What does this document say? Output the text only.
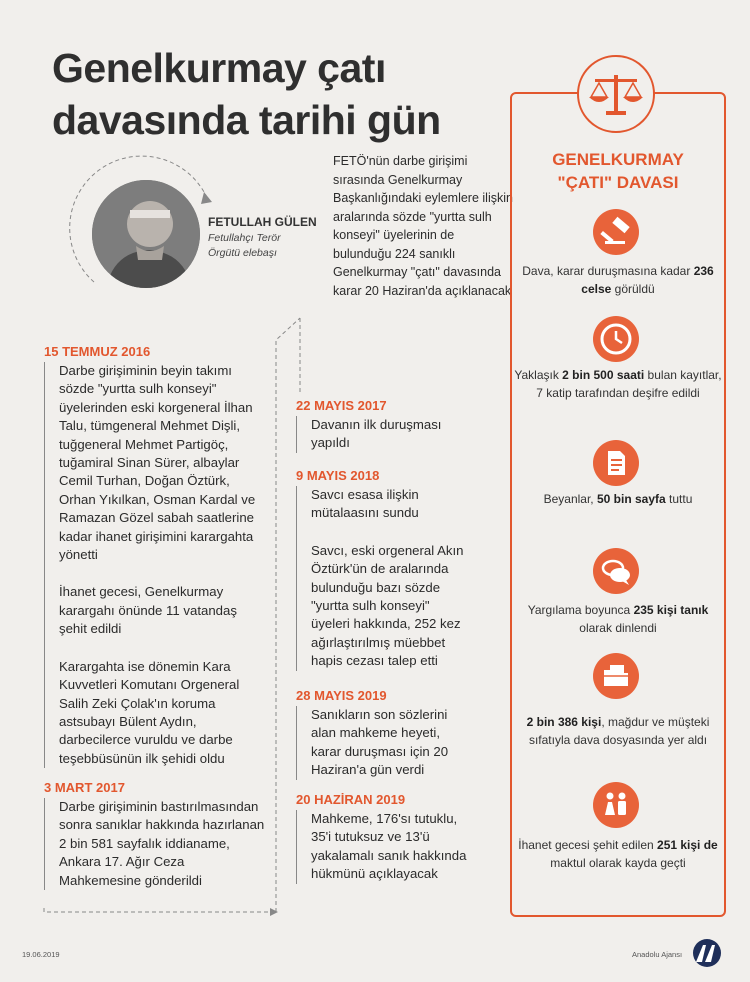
Genelkurmay çatı davasında tarihi gün
FETULLAH GÜLEN
Fetullahçı Terör Örgütü elebaşı
FETÖ'nün darbe girişimi sırasında Genelkurmay Başkanlığındaki eylemlere ilişkin aralarında sözde "yurtta sulh konseyi" üyelerinin de bulunduğu 224 sanıklı Genelkurmay "çatı" davasında karar 20 Haziran'da açıklanacak
15 TEMMUZ 2016

Darbe girişiminin beyin takımı sözde "yurtta sulh konseyi" üyelerinden eski korgeneral İlhan Talu, tümgeneral Mehmet Dişli, tuğgeneral Mehmet Partigöç, tuğamiral Sinan Sürer, albaylar Cemil Turhan, Doğan Öztürk, Orhan Yıkılkan, Osman Kardal ve Ramazan Gözel sabah saatlerine kadar ihanet girişimini karargahta yönetti

İhanet gecesi, Genelkurmay karargahı önünde 11 vatandaş şehit edildi

Karargahta ise dönemin Kara Kuvvetleri Komutanı Orgeneral Salih Zeki Çolak'ın koruma astsubayı Bülent Aydın, darbecilerce vuruldu ve darbe teşebbüsünün ilk şehidi oldu

3 MART 2017

Darbe girişiminin bastırılmasından sonra sanıklar hakkında hazırlanan 2 bin 581 sayfalık iddianame, Ankara 17. Ağır Ceza Mahkemesine gönderildi

22 MAYIS 2017

Davanın ilk duruşması yapıldı

9 MAYIS 2018

Savcı esasa ilişkin mütalaasını sundu

Savcı, eski orgeneral Akın Öztürk'ün de aralarında bulunduğu bazı sözde "yurtta sulh konseyi" üyeleri hakkında, 252 kez ağırlaştırılmış müebbet hapis cezası talep etti

28 MAYIS 2019

Sanıkların son sözlerini alan mahkeme heyeti, karar duruşması için 20 Haziran'a gün verdi

20 HAZİRAN 2019

Mahkeme, 176'sı tutuklu, 35'i tutuksuz ve 13'ü yakalamalı sanık hakkında hükmünü açıklayacak

GENELKURMAY
"ÇATI" DAVASI
Dava, karar duruşmasına kadar 236 celse görüldü
Yaklaşık 2 bin 500 saati bulan kayıtlar, 7 katip tarafından deşifre edildi
Beyanlar, 50 bin sayfa tuttu
Yargılama boyunca 235 kişi tanık olarak dinlendi
2 bin 386 kişi, mağdur ve müşteki sıfatıyla dava dosyasında yer aldı
İhanet gecesi şehit edilen 251 kişi de maktul olarak kayda geçti
19.06.2019	Anadolu Ajansı
